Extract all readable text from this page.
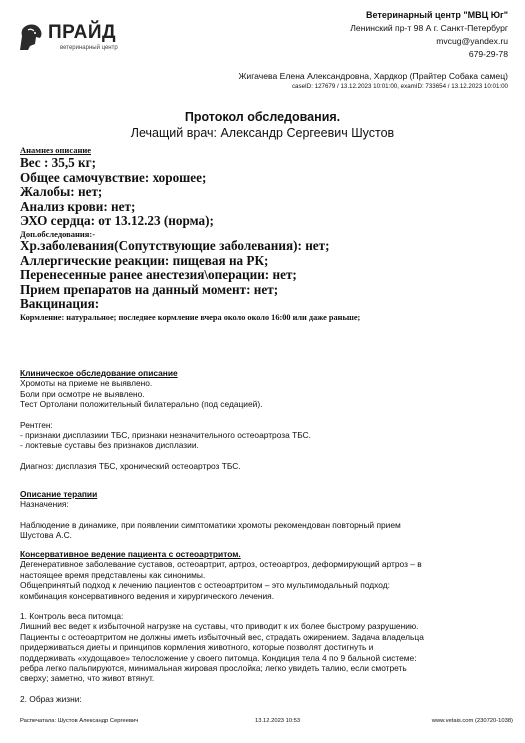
ПРАЙД
ветеринарный центр
Ветеринарный центр "МВЦ Юг"
Ленинский пр-т 98 А г. Санкт-Петербург
mvcug@yandex.ru
679-29-78
Жигачева Елена Александровна, Хардкор (Прайтер Собака самец)
caseID: 127679 / 13.12.2023 10:01:00, examID: 733654 / 13.12.2023 10:01:00
Протокол обследования.
Лечащий врач: Александр Сергеевич Шустов
Анамнез описание
Вес : 35,5 кг;
Общее самочувствие: хорошее;
Жалобы: нет;
Анализ крови: нет;
ЭХО сердца: от 13.12.23 (норма);
Доп.обследования:-
Хр.заболевания(Сопутствующие заболевания): нет;
Аллергические реакции: пищевая на РК;
Перенесенные ранее анестезия\операции: нет;
Прием препаратов на данный момент: нет;
Вакцинация:
Кормление: натуральное; последнее кормление вчера около около 16:00 или даже раньше;
Клиническое обследование описание
Хромоты на приеме не выявлено.
Боли при осмотре не выявлено.
Тест Ортолани положительный билатерально (под седацией).
Рентген:
- признаки дисплазиии ТБС, признаки незначительного остеоартроза ТБС.
- локтевые суставы без признаков дисплазии.
Диагноз: дисплазия ТБС, хронический остеоартроз ТБС.
Описание терапии
Назначения:
Наблюдение в динамике, при появлении симптоматики хромоты рекомендован повторный прием
Шустова А.С.
Консервативное ведение пациента с остеоартритом.
Дегенеративное заболевание суставов, остеоартрит, артроз, остеоартроз, деформирующий артроз – в
настоящее время представлены как синонимы.
Общепринятый подход к лечению пациентов с остеоартритом – это мультимодальный подход:
комбинация консервативного ведения и хирургического лечения.
1. Контроль веса питомца:
Лишний вес ведет к избыточной нагрузке на суставы, что приводит к их более быстрому разрушению.
Пациенты с остеоартритом не должны иметь избыточный вес, страдать ожирением. Задача владельца
придерживаться диеты и принципов кормления животного, которые позволят достигнуть и
поддерживать «худощавое» телосложение у своего питомца. Кондиция тела 4 по 9 бальной системе:
ребра легко пальпируются, минимальная жировая прослойка; легко увидеть талию, если смотреть
сверху; заметно, что живот втянут.
2. Образ жизни:
Распечатала: Шустов Александр Сергеевич	13.12.2023 10:53	www.vetais.com (230720-1038)
